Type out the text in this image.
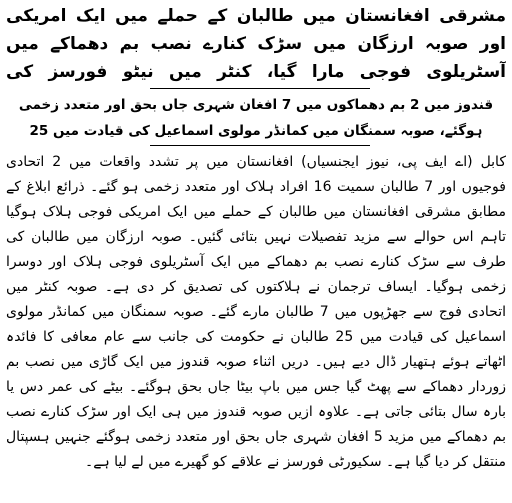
مشرقی افغانستان میں طالبان کے حملے میں ایک امریکی اور صوبہ ارزگان میں سڑک کنارے نصب بم دھماکے میں آسٹریلوی فوجی مارا گیا، کنٹر میں نیٹو فورسز کی
قندوز میں 2 بم دھماکوں میں 7 افغان شہری جاں بحق اور متعدد زخمی ہوگئے، صوبہ سمنگان میں کمانڈر مولوی اسماعیل کی قیادت میں 25
کابل (اے ایف پی، نیوز ایجنسیاں) افغانستان میں پر تشدد واقعات میں 2 اتحادی فوجیوں اور 7 طالبان سمیت 16 افراد ہلاک اور متعدد زخمی ہو گئے۔ ذرائع ابلاغ کے مطابق مشرقی افغانستان میں طالبان کے حملے میں ایک امریکی فوجی ہلاک ہوگیا تاہم اس حوالے سے مزید تفصیلات نہیں بتائی گئیں۔ صوبہ ارزگان میں طالبان کی طرف سے سڑک کنارے نصب بم دھماکے میں ایک آسٹریلوی فوجی ہلاک اور دوسرا زخمی ہوگیا۔ ایساف ترجمان نے ہلاکتوں کی تصدیق کر دی ہے۔ صوبہ کنٹر میں اتحادی فوج سے جھڑپوں میں 7 طالبان مارے گئے۔ صوبہ سمنگان میں کمانڈر مولوی اسماعیل کی قیادت میں 25 طالبان نے حکومت کی جانب سے عام معافی کا فائدہ اٹھاتے ہوئے ہتھیار ڈال دیے ہیں۔ دریں اثناء صوبہ قندوز میں ایک گاڑی میں نصب بم زوردار دھماکے سے پھٹ گیا جس میں باپ بیٹا جاں بحق ہوگئے۔ بیٹے کی عمر دس یا بارہ سال بتائی جاتی ہے۔ علاوہ ازیں صوبہ قندوز میں ہی ایک اور سڑک کنارے نصب بم دھماکے میں مزید 5 افغان شہری جاں بحق اور متعدد زخمی ہوگئے جنہیں ہسپتال منتقل کر دیا گیا ہے۔ سکیورٹی فورسز نے علاقے کو گھیرے میں لے لیا ہے۔
